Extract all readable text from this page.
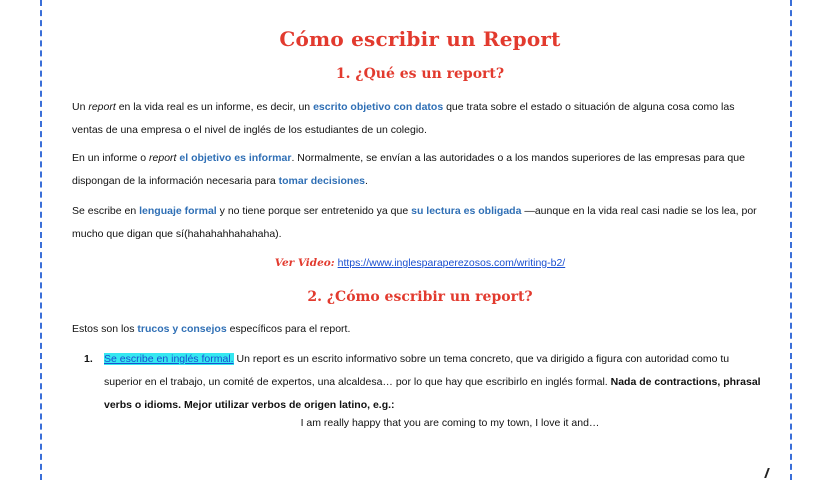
Cómo escribir un Report
1. ¿Qué es un report?
Un report en la vida real es un informe, es decir, un escrito objetivo con datos que trata sobre el estado o situación de alguna cosa como las ventas de una empresa o el nivel de inglés de los estudiantes de un colegio.
En un informe o report el objetivo es informar. Normalmente, se envían a las autoridades o a los mandos superiores de las empresas para que dispongan de la información necesaria para tomar decisiones.
Se escribe en lenguaje formal y no tiene porque ser entretenido ya que su lectura es obligada —aunque en la vida real casi nadie se los lea, por mucho que digan que sí(hahahahhahahaha).
Ver Video: https://www.inglesparaperezosos.com/writing-b2/
2. ¿Cómo escribir un report?
Estos son los trucos y consejos específicos para el report.
1. Se escribe en inglés formal. Un report es un escrito informativo sobre un tema concreto, que va dirigido a figura con autoridad como tu superior en el trabajo, un comité de expertos, una alcaldesa… por lo que hay que escribirlo en inglés formal. Nada de contractions, phrasal verbs o idioms. Mejor utilizar verbos de origen latino, e.g.:
I am really happy that you are coming to my town, I love it and…
